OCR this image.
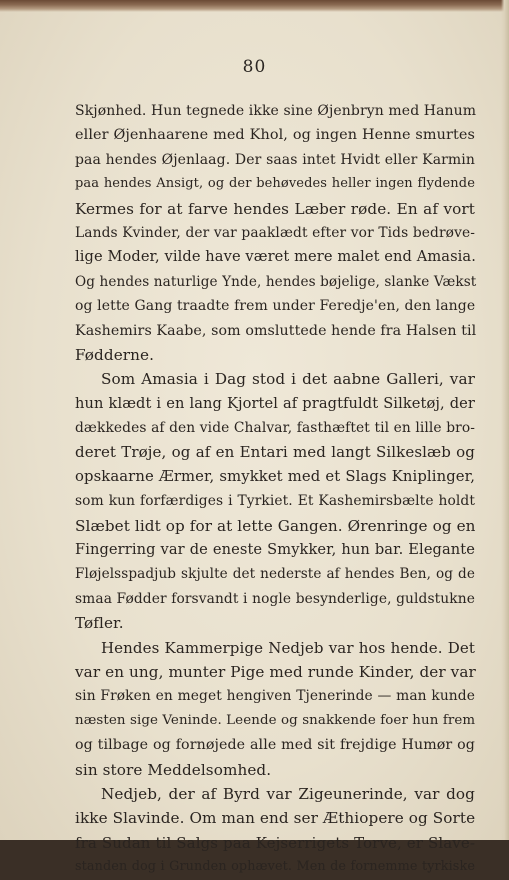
80
Skjønhed. Hun tegnede ikke sine Øjenbryn med Hanum
eller Øjenhaarene med Khol, og ingen Henne smurtes
paa hendes Øjenlaag. Der saas intet Hvidt eller Karmin
paa hendes Ansigt, og der behøvedes heller ingen flydende
Kermes for at farve hendes Læber røde. En af vort
Lands Kvinder, der var paaklædt efter vor Tids bedrøve-
lige Moder, vilde have været mere malet end Amasia.
Og hendes naturlige Ynde, hendes bøjelige, slanke Vækst
og lette Gang traadte frem under Feredje'en, den lange
Kashemirs Kaabe, som omsluttede hende fra Halsen til
Fødderne.
Som Amasia i Dag stod i det aabne Galleri, var
hun klædt i en lang Kjortel af pragtfuldt Silketøj, der
dækkedes af den vide Chalvar, fasthæftet til en lille bro-
deret Trøje, og af en Entari med langt Silkeslæb og
opskaarne Ærmer, smykket med et Slags Kniplinger,
som kun forfærdiges i Tyrkiet. Et Kashemirsbælte holdt
Slæbet lidt op for at lette Gangen. Ørenringe og en
Fingerring var de eneste Smykker, hun bar. Elegante
Fløjelsspadjub skjulte det nederste af hendes Ben, og de
smaa Fødder forsvandt i nogle besynderlige, guldstukne
Tøfler.
Hendes Kammerpige Nedjeb var hos hende. Det
var en ung, munter Pige med runde Kinder, der var
sin Frøken en meget hengiven Tjenerinde — man kunde
næsten sige Veninde. Leende og snakkende foer hun frem
og tilbage og fornøjede alle med sit frejdige Humør og
sin store Meddelsomhed.
Nedjeb, der af Byrd var Zigeunerinde, var dog
ikke Slavinde. Om man end ser Æthiopere og Sorte
fra Sudan til Salgs paa Kejserrigets Torve, er Slave-
standen dog i Grunden ophævet. Men de fornemme tyrkiske
